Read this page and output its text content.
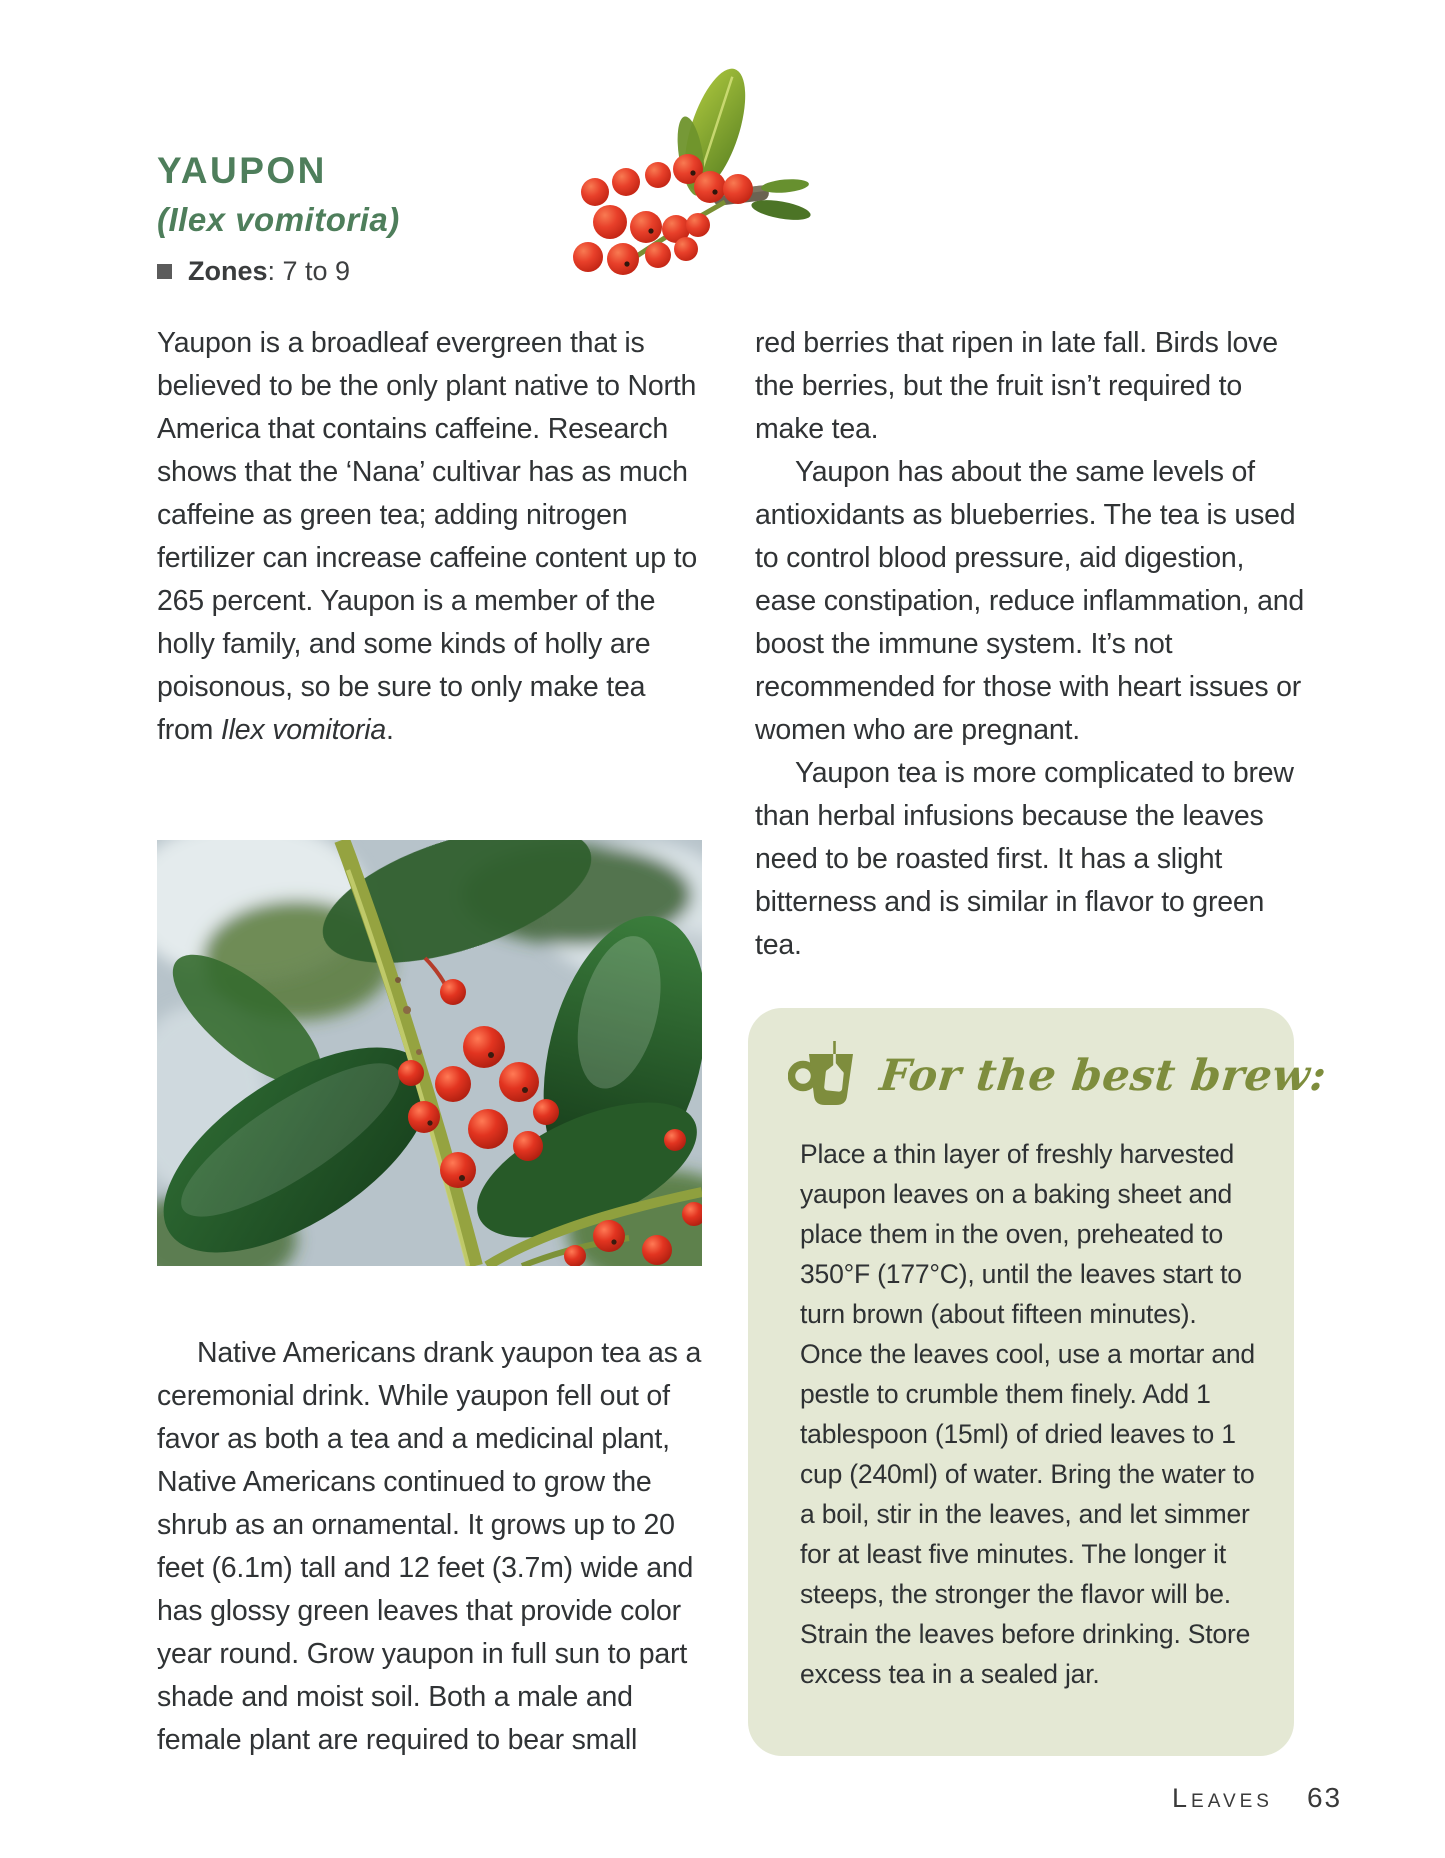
YAUPON
(Ilex vomitoria)
Zones: 7 to 9
Yaupon is a broadleaf evergreen that is believed to be the only plant native to North America that contains caffeine. Research shows that the ‘Nana’ cultivar has as much caffeine as green tea; adding nitrogen fertilizer can increase caffeine content up to 265 percent. Yaupon is a member of the holly family, and some kinds of holly are poisonous, so be sure to only make tea from Ilex vomitoria.

Native Americans drank yaupon tea as a ceremonial drink. While yaupon fell out of favor as both a tea and a medicinal plant, Native Americans continued to grow the shrub as an ornamental. It grows up to 20 feet (6.1m) tall and 12 feet (3.7m) wide and has glossy green leaves that provide color year round. Grow yaupon in full sun to part shade and moist soil. Both a male and female plant are required to bear small

red berries that ripen in late fall. Birds love the berries, but the fruit isn’t required to make tea.

Yaupon has about the same levels of antioxidants as blueberries. The tea is used to control blood pressure, aid digestion, ease constipation, reduce inflammation, and boost the immune system. It’s not recommended for those with heart issues or women who are pregnant.

Yaupon tea is more complicated to brew than herbal infusions because the leaves need to be roasted first. It has a slight bitterness and is similar in flavor to green tea.

For the best brew:

Place a thin layer of freshly harvested yaupon leaves on a baking sheet and place them in the oven, preheated to 350°F (177°C), until the leaves start to turn brown (about fifteen minutes). Once the leaves cool, use a mortar and pestle to crumble them finely. Add 1 tablespoon (15ml) of dried leaves to 1 cup (240ml) of water. Bring the water to a boil, stir in the leaves, and let simmer for at least five minutes. The longer it steeps, the stronger the flavor will be. Strain the leaves before drinking. Store excess tea in a sealed jar.

Leaves 63
